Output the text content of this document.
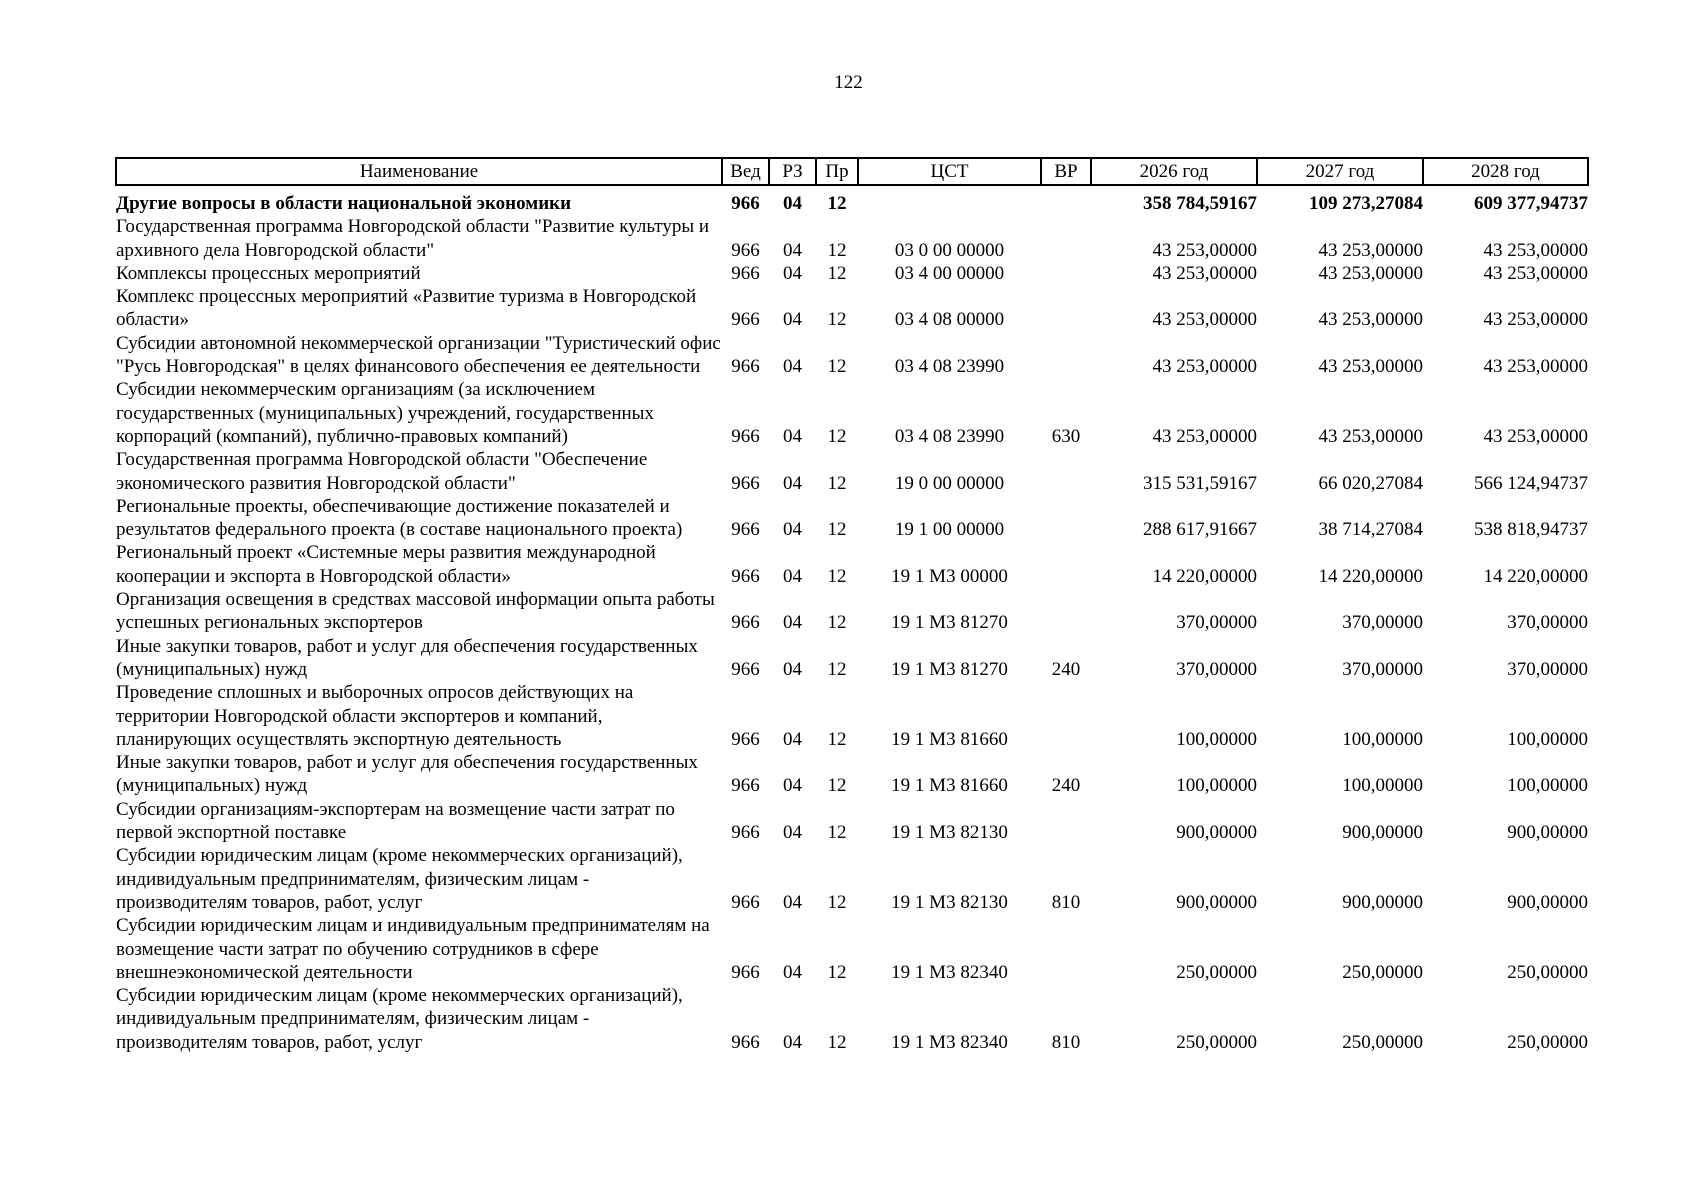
122
Наименование	Вед	РЗ	Пр	ЦСТ	ВР	2026 год	2027 год	2028 год
Другие вопросы в области национальной экономики	966	04	12			358 784,59167	109 273,27084	609 377,94737
Государственная программа Новгородской области "Развитие культуры и архивного дела Новгородской области"	966	04	12	03 0 00 00000		43 253,00000	43 253,00000	43 253,00000
Комплексы процессных мероприятий	966	04	12	03 4 00 00000		43 253,00000	43 253,00000	43 253,00000
Комплекс процессных мероприятий «Развитие туризма в Новгородской области»	966	04	12	03 4 08 00000		43 253,00000	43 253,00000	43 253,00000
Субсидии автономной некоммерческой организации "Туристический офис "Русь Новгородская" в целях финансового обеспечения ее деятельности	966	04	12	03 4 08 23990		43 253,00000	43 253,00000	43 253,00000
Субсидии некоммерческим организациям (за исключением государственных (муниципальных) учреждений, государственных корпораций (компаний), публично-правовых компаний)	966	04	12	03 4 08 23990	630	43 253,00000	43 253,00000	43 253,00000
Государственная программа Новгородской области "Обеспечение экономического развития Новгородской области"	966	04	12	19 0 00 00000		315 531,59167	66 020,27084	566 124,94737
Региональные проекты, обеспечивающие достижение показателей и результатов федерального проекта (в составе национального проекта)	966	04	12	19 1 00 00000		288 617,91667	38 714,27084	538 818,94737
Региональный проект «Системные меры развития международной кооперации и экспорта в Новгородской области»	966	04	12	19 1 М3 00000		14 220,00000	14 220,00000	14 220,00000
Организация освещения в средствах массовой информации опыта работы успешных региональных экспортеров	966	04	12	19 1 М3 81270		370,00000	370,00000	370,00000
Иные закупки товаров, работ и услуг для обеспечения государственных (муниципальных) нужд	966	04	12	19 1 М3 81270	240	370,00000	370,00000	370,00000
Проведение сплошных и выборочных опросов действующих на территории Новгородской области экспортеров и компаний, планирующих осуществлять экспортную деятельность	966	04	12	19 1 М3 81660		100,00000	100,00000	100,00000
Иные закупки товаров, работ и услуг для обеспечения государственных (муниципальных) нужд	966	04	12	19 1 М3 81660	240	100,00000	100,00000	100,00000
Субсидии организациям-экспортерам на возмещение части затрат по первой экспортной поставке	966	04	12	19 1 М3 82130		900,00000	900,00000	900,00000
Субсидии юридическим лицам (кроме некоммерческих организаций), индивидуальным предпринимателям, физическим лицам - производителям товаров, работ, услуг	966	04	12	19 1 М3 82130	810	900,00000	900,00000	900,00000
Субсидии юридическим лицам и индивидуальным предпринимателям на возмещение части затрат по обучению сотрудников в сфере внешнеэкономической деятельности	966	04	12	19 1 М3 82340		250,00000	250,00000	250,00000
Субсидии юридическим лицам (кроме некоммерческих организаций), индивидуальным предпринимателям, физическим лицам - производителям товаров, работ, услуг	966	04	12	19 1 М3 82340	810	250,00000	250,00000	250,00000
